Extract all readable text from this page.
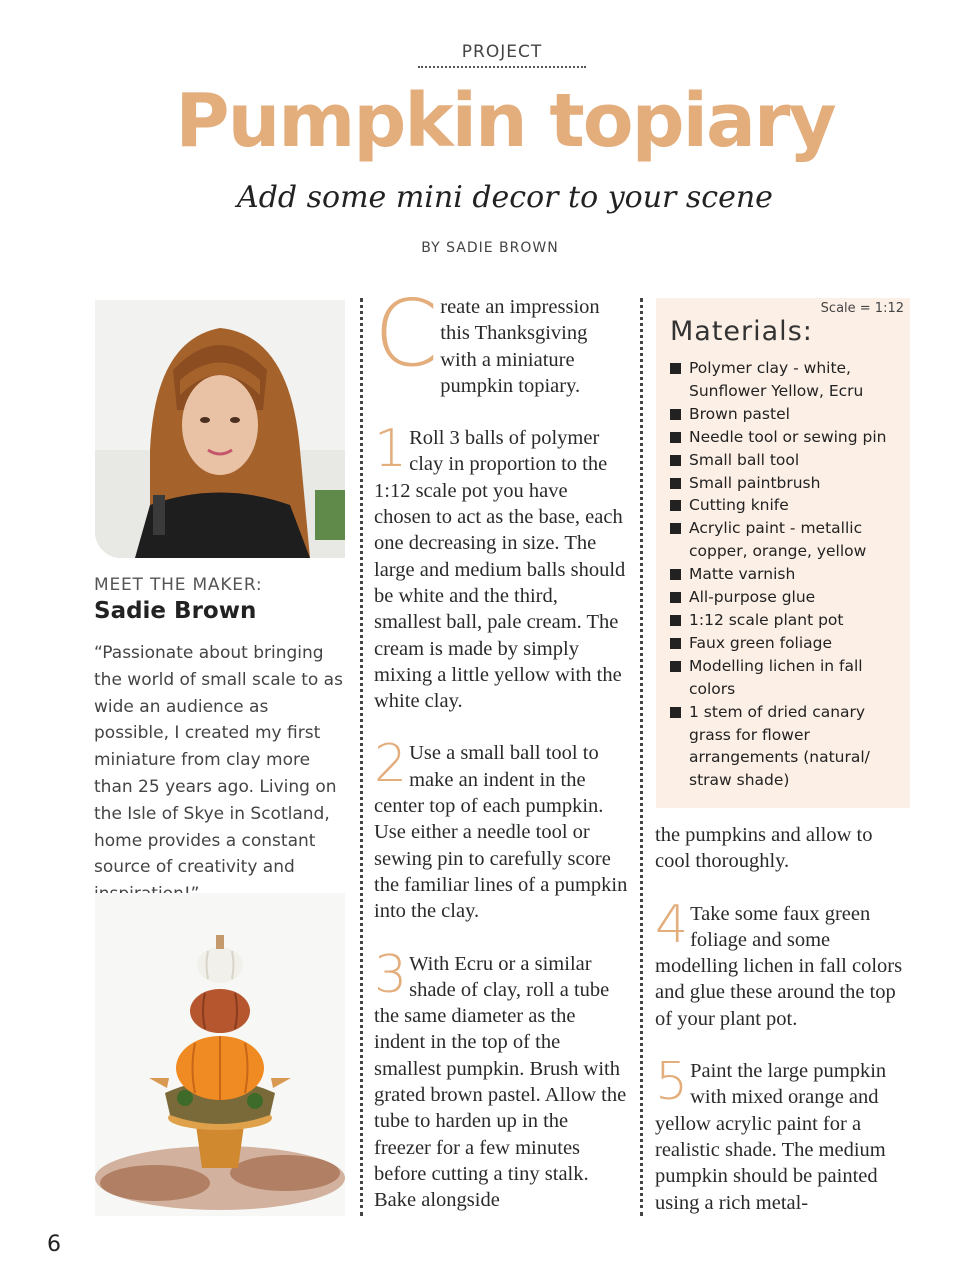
PROJECT
Pumpkin topiary
Add some mini decor to your scene
BY SADIE BROWN
MEET THE MAKER:
Sadie Brown
“Passionate about bringing the world of small scale to as wide an audience as possible, I created my first miniature from clay more than 25 years ago. Living on the Isle of Skye in Scotland, home provides a constant source of creativity and

Create an impression this Thanksgiving with a miniature pumpkin topiary.

1 Roll 3 balls of polymer clay in proportion to the 1:12 scale pot you have chosen to act as the base, each one decreasing in size. The large and medium balls should be white and the third, smallest ball, pale cream. The cream is made by simply mixing a little yellow with the white clay.

2 Use a small ball tool to make an indent in the center top of each pumpkin. Use either a needle tool or sewing pin to carefully score the familiar lines of a pumpkin into the clay.

3 With Ecru or a similar shade of clay, roll a tube the same diameter as the indent in the top of the smallest pumpkin. Brush with grated brown pastel. Allow the tube to harden up in the freezer for a few minutes before cutting a tiny stalk. Bake alongside

Scale = 1:12
Materials:
Polymer clay - white, Sunflower Yellow, Ecru
Brown pastel
Needle tool or sewing pin
Small ball tool
Small paintbrush
Cutting knife
Acrylic paint - metallic copper, orange, yellow
Matte varnish
All-purpose glue
1:12 scale plant pot
Faux green foliage
Modelling lichen in fall colors
1 stem of dried canary grass for flower arrangements (natural/ straw shade)

the pumpkins and allow to cool thoroughly.

4 Take some faux green foliage and some modelling lichen in fall colors and glue these around the top of your plant pot.

5 Paint the large pumpkin with mixed orange and yellow acrylic paint for a realistic shade. The medium pumpkin should be painted using a rich metal-

6
